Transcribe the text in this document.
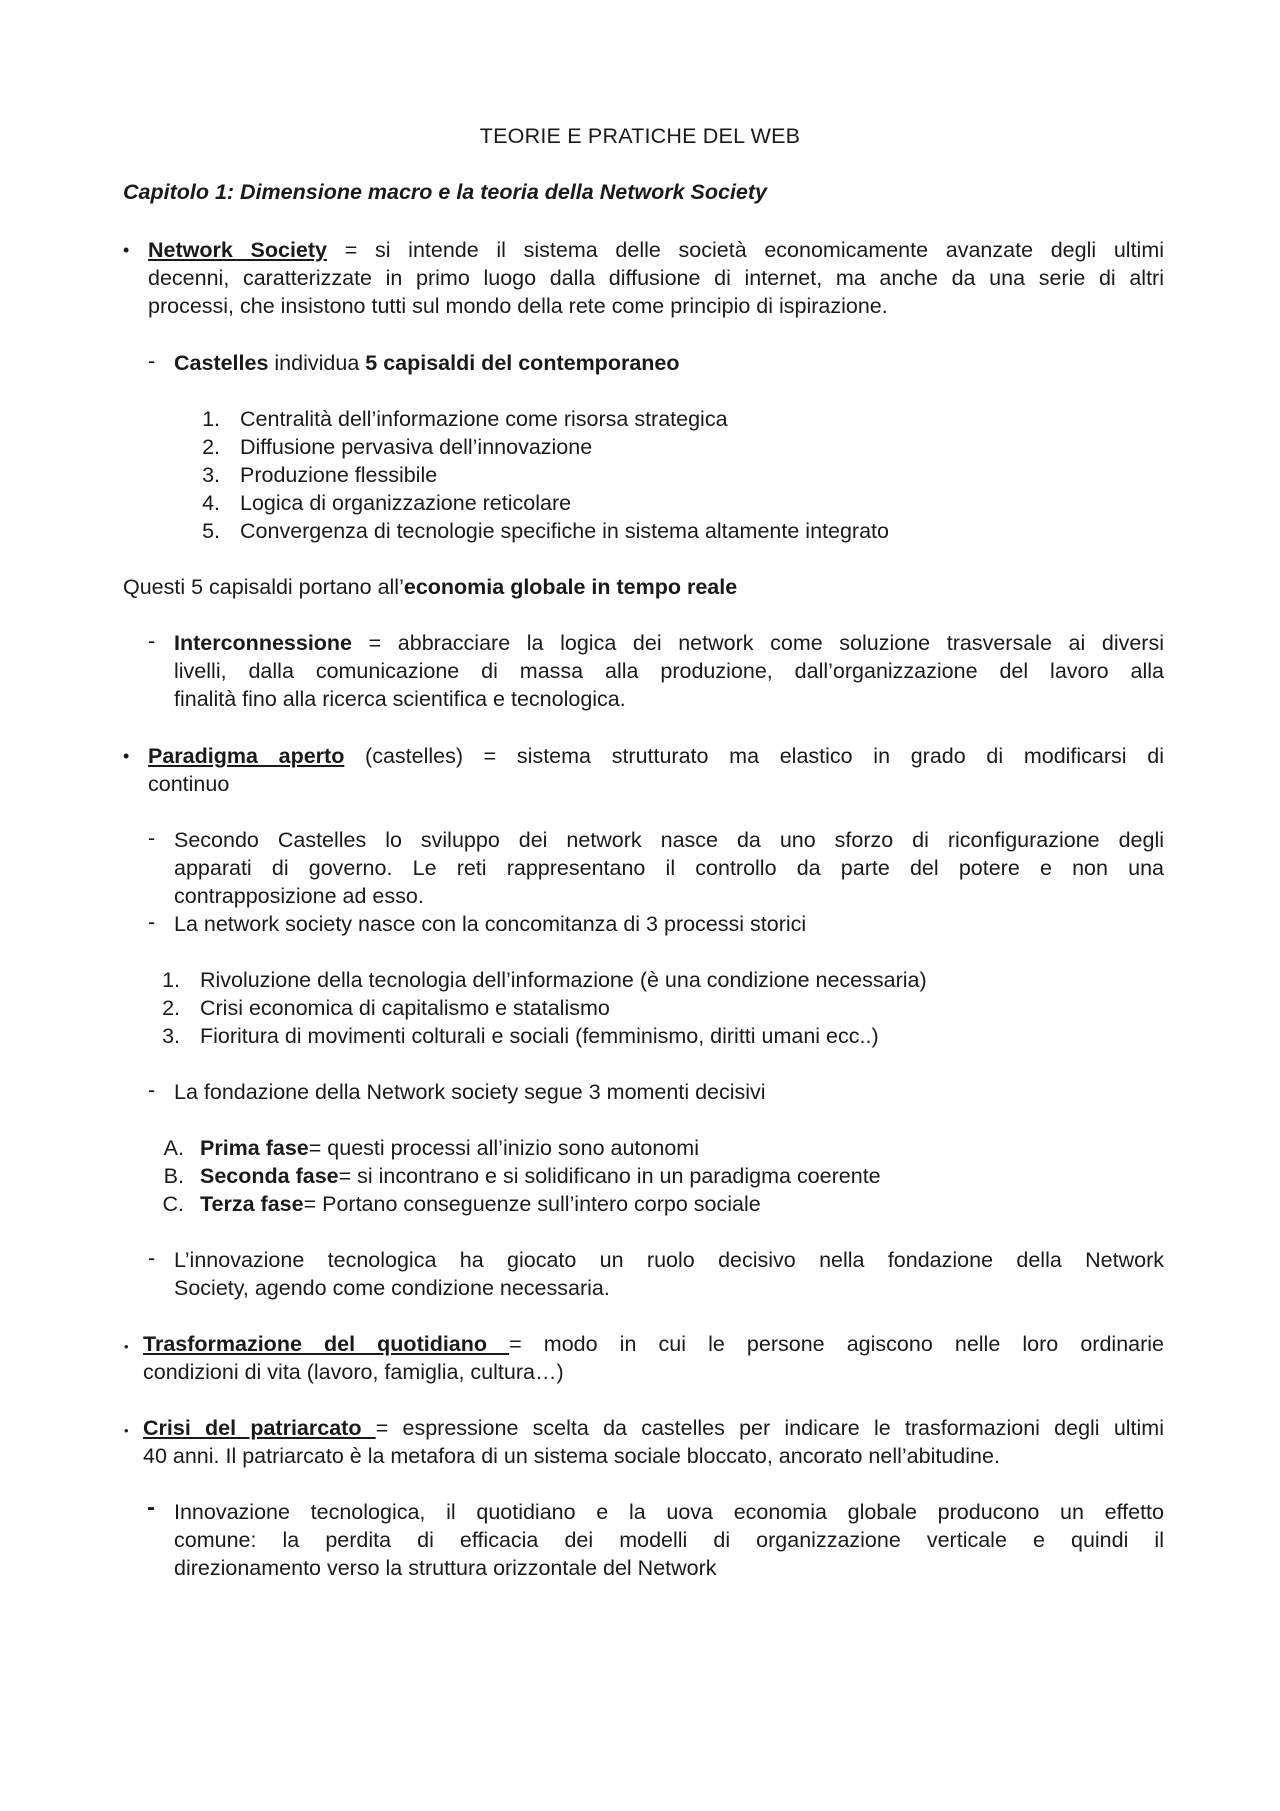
TEORIE E PRATICHE DEL WEB
Capitolo 1: Dimensione macro e la teoria della Network Society
• Network Society = si intende il sistema delle società economicamente avanzate degli ultimi
decenni, caratterizzate in primo luogo dalla diffusione di internet, ma anche da una serie di altri
processi, che insistono tutti sul mondo della rete come principio di ispirazione.
- Castelles individua 5 capisaldi del contemporaneo
1. Centralità dell’informazione come risorsa strategica
2. Diffusione pervasiva dell’innovazione
3. Produzione flessibile
4. Logica di organizzazione reticolare
5. Convergenza di tecnologie specifiche in sistema altamente integrato
Questi 5 capisaldi portano all’economia globale in tempo reale
- Interconnessione = abbracciare la logica dei network come soluzione trasversale ai diversi
livelli, dalla comunicazione di massa alla produzione, dall’organizzazione del lavoro alla
finalità fino alla ricerca scientifica e tecnologica.
• Paradigma aperto (castelles) = sistema strutturato ma elastico in grado di modificarsi di
continuo
- Secondo Castelles lo sviluppo dei network nasce da uno sforzo di riconfigurazione degli
apparati di governo. Le reti rappresentano il controllo da parte del potere e non una
contrapposizione ad esso.
- La network society nasce con la concomitanza di 3 processi storici
1. Rivoluzione della tecnologia dell’informazione (è una condizione necessaria)
2. Crisi economica di capitalismo e statalismo
3. Fioritura di movimenti colturali e sociali (femminismo, diritti umani ecc..)
- La fondazione della Network society segue 3 momenti decisivi
A. Prima fase= questi processi all’inizio sono autonomi
B. Seconda fase= si incontrano e si solidificano in un paradigma coerente
C. Terza fase= Portano conseguenze sull’intero corpo sociale
- L’innovazione tecnologica ha giocato un ruolo decisivo nella fondazione della Network
Society, agendo come condizione necessaria.
• Trasformazione del quotidiano = modo in cui le persone agiscono nelle loro ordinarie
condizioni di vita (lavoro, famiglia, cultura…)
• Crisi del patriarcato = espressione scelta da castelles per indicare le trasformazioni degli ultimi
40 anni. Il patriarcato è la metafora di un sistema sociale bloccato, ancorato nell’abitudine.
- Innovazione tecnologica, il quotidiano e la uova economia globale producono un effetto
comune: la perdita di efficacia dei modelli di organizzazione verticale e quindi il
direzionamento verso la struttura orizzontale del Network
